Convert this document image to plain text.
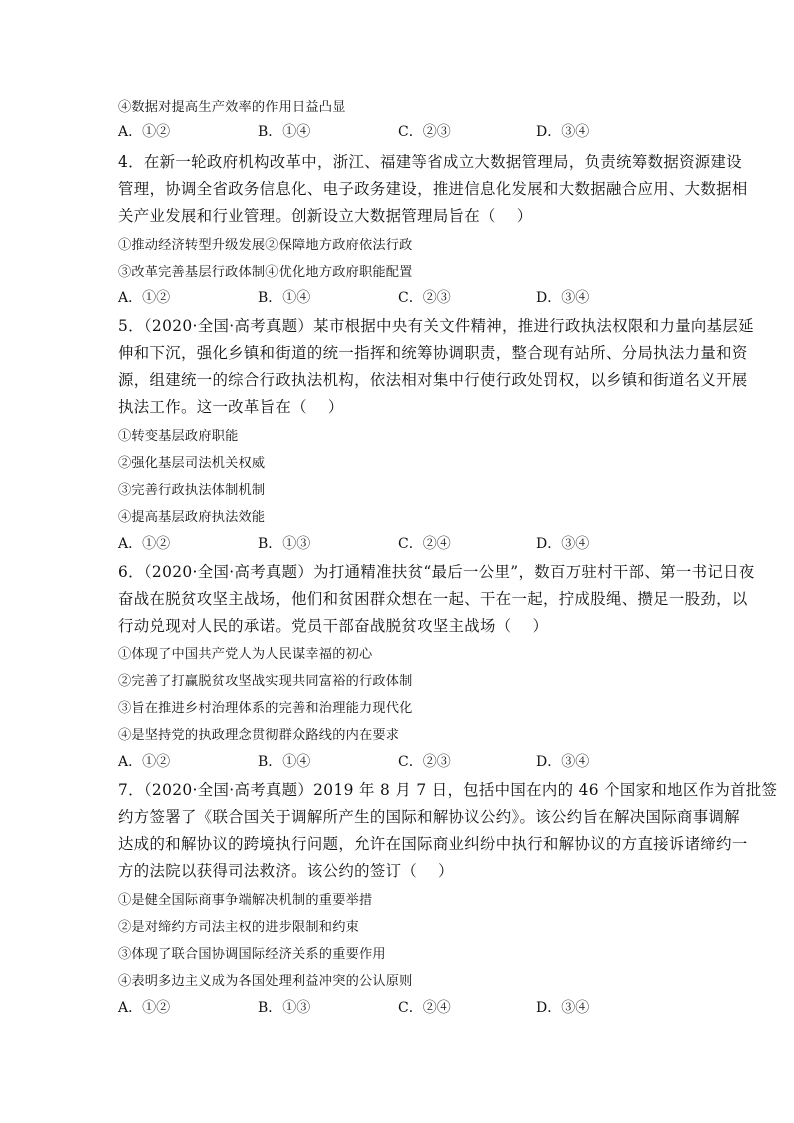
④数据对提高生产效率的作用日益凸显
A．①②	B．①④	C．②③	D．③④
4．在新一轮政府机构改革中，浙江、福建等省成立大数据管理局，负责统筹数据资源建设
管理，协调全省政务信息化、电子政务建设，推进信息化发展和大数据融合应用、大数据相
关产业发展和行业管理。创新设立大数据管理局旨在（　 ）
①推动经济转型升级发展②保障地方政府依法行政
③改革完善基层行政体制④优化地方政府职能配置
A．①②	B．①④	C．②③	D．③④
5．（2020·全国·高考真题）某市根据中央有关文件精神，推进行政执法权限和力量向基层延
伸和下沉，强化乡镇和街道的统一指挥和统筹协调职责，整合现有站所、分局执法力量和资
源，组建统一的综合行政执法机构，依法相对集中行使行政处罚权，以乡镇和街道名义开展
执法工作。这一改革旨在（　 ）
①转变基层政府职能
②强化基层司法机关权威
③完善行政执法体制机制
④提高基层政府执法效能
A．①②	B．①③	C．②④	D．③④
6．（2020·全国·高考真题）为打通精准扶贫“最后一公里”，数百万驻村干部、第一书记日夜
奋战在脱贫攻坚主战场，他们和贫困群众想在一起、干在一起，拧成股绳、攒足一股劲，以
行动兑现对人民的承诺。党员干部奋战脱贫攻坚主战场（　 ）
①体现了中国共产党人为人民谋幸福的初心
②完善了打赢脱贫攻坚战实现共同富裕的行政体制
③旨在推进乡村治理体系的完善和治理能力现代化
④是坚持党的执政理念贯彻群众路线的内在要求
A．①②	B．①④	C．②③	D．③④
7．（2020·全国·高考真题）2019 年 8 月 7 日，包括中国在内的 46 个国家和地区作为首批签
约方签署了《联合国关于调解所产生的国际和解协议公约》。该公约旨在解决国际商事调解
达成的和解协议的跨境执行问题，允许在国际商业纠纷中执行和解协议的方直接诉诸缔约一
方的法院以获得司法救济。该公约的签订（　 ）
①是健全国际商事争端解决机制的重要举措
②是对缔约方司法主权的进步限制和约束
③体现了联合国协调国际经济关系的重要作用
④表明多边主义成为各国处理利益冲突的公认原则
A．①②	B．①③	C．②④	D．③④
